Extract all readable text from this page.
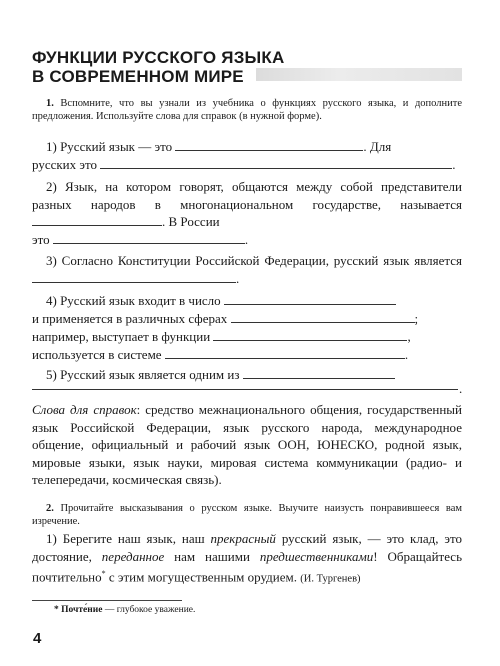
ФУНКЦИИ РУССКОГО ЯЗЫКА
В СОВРЕМЕННОМ МИРЕ
1. Вспомните, что вы узнали из учебника о функциях русского языка, и дополните предложения. Используйте слова для справок (в нужной форме).
1) Русский язык — это	. Для
русских это	.
2) Язык, на котором говорят, общаются между собой представители разных народов в многонациональном государстве, называется . В России
это	.
3) Согласно Конституции Российской Федерации, русский язык является .
4) Русский язык входит в число
и применяется в различных сферах	;
например, выступает в функции	,
используется в системе	.
5) Русский язык является одним из
.
Слова для справок: средство межнационального общения, государственный язык Российской Федерации, язык русского народа, международное общение, официальный и рабочий язык ООН, ЮНЕСКО, родной язык, мировые языки, язык науки, мировая система коммуникации (радио- и телепередачи, космическая связь).
2. Прочитайте высказывания о русском языке. Выучите наизусть понравившееся вам изречение.
1) Берегите наш язык, наш прекрасный русский язык, — это клад, это достояние, переданное нам нашими предшественниками! Обращайтесь почтительно* с этим могущественным орудием. (И. Тургенев)
* Почте́ние — глубокое уважение.
4
